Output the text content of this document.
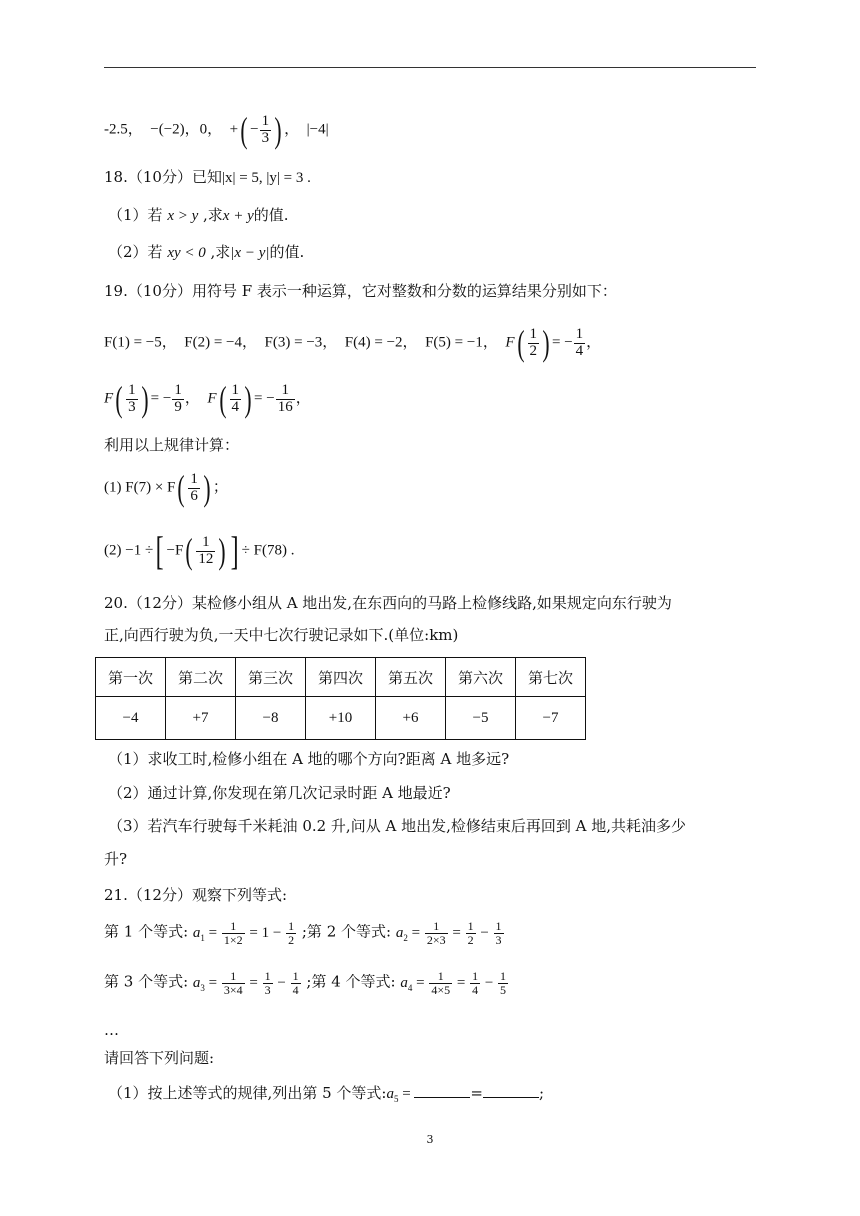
-2.5， −(−2)，0， +( − $\frac{1}{3}$ ) ， |−4|
18.（10分）已知|x| = 5, |y| = 3 .
（1）若 x > y ,求x + y的值.
（2）若 xy < 0 ,求|x − y|的值.
19.（10分）用符号 F 表示一种运算，它对整数和分数的运算结果分别如下：
F(1) = −5， F(2) = −4， F(3) = −3， F(4) = −2， F(5) = −1， $F( \frac{1}{2}$ ) = − $\frac{1}{4}$ ，
$F( \frac{1}{3}$ ) = − $\frac{1}{9}$ ， $F( \frac{1}{4}$ ) = − $\frac{1}{16}$ ，
利用以上规律计算：
(1) $F(7) \times F( \frac{1}{6}$ ) ；
(2) −1 ÷[ $-F( \frac{1}{12}$ ) ] ÷ F(78) .
20.（12分）某检修小组从 A 地出发,在东西向的马路上检修线路,如果规定向东行驶为
正,向西行驶为负,一天中七次行驶记录如下.(单位:km)
第一次	第二次	第三次	第四次	第五次	第六次	第七次
−4	+7	−8	+10	+6	−5	−7
（1）求收工时,检修小组在 A 地的哪个方向?距离 A 地多远?
（2）通过计算,你发现在第几次记录时距 A 地最近?
（3）若汽车行驶每千米耗油 0.2 升,问从 A 地出发,检修结束后再回到 A 地,共耗油多少
升?
21.（12分）观察下列等式:
第 1 个等式: $a_1 = \frac{1}{1\times 2} = 1 - \frac{1}{2}$ ;第 2 个等式: $a_2 = \frac{1}{2\times 3} = \frac{1}{2} - \frac{1}{3}$
第 3 个等式: $a_3 = \frac{1}{3\times 4} = \frac{1}{3} - \frac{1}{4}$ ;第 4 个等式: $a_4 = \frac{1}{4\times 5} = \frac{1}{4} - \frac{1}{5}$
…
请回答下列问题:
（1）按上述等式的规律,列出第 5 个等式$:a_5$ =	=	;
3
